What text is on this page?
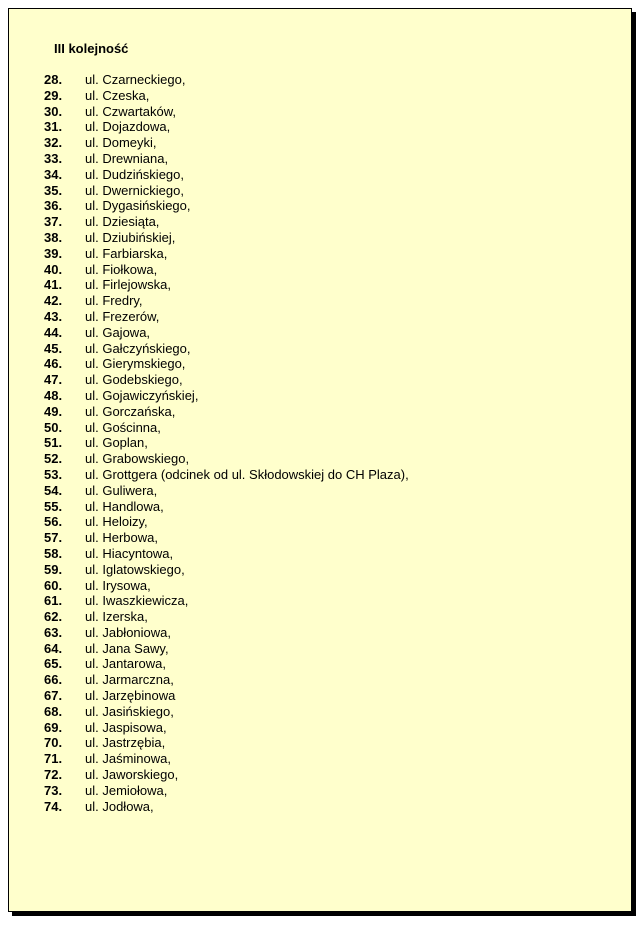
III kolejność
28.	ul. Czarneckiego,
29.	ul. Czeska,
30.	ul. Czwartaków,
31.	ul. Dojazdowa,
32.	ul. Domeyki,
33.	ul. Drewniana,
34.	ul. Dudzińskiego,
35.	ul. Dwernickiego,
36.	ul. Dygasińskiego,
37.	ul. Dziesiąta,
38.	ul. Dziubińskiej,
39.	ul. Farbiarska,
40.	ul. Fiołkowa,
41.	ul. Firlejowska,
42.	ul. Fredry,
43.	ul. Frezerów,
44.	ul. Gajowa,
45.	ul. Gałczyńskiego,
46.	ul. Gierymskiego,
47.	ul. Godebskiego,
48.	ul. Gojawiczyńskiej,
49.	ul. Gorczańska,
50.	ul. Gościnna,
51.	ul. Goplan,
52.	ul. Grabowskiego,
53.	ul. Grottgera (odcinek od ul. Skłodowskiej do CH Plaza),
54.	ul. Guliwera,
55.	ul. Handlowa,
56.	ul. Heloizy,
57.	ul. Herbowa,
58.	ul. Hiacyntowa,
59.	ul. Iglatowskiego,
60.	ul. Irysowa,
61.	ul. Iwaszkiewicza,
62.	ul. Izerska,
63.	ul. Jabłoniowa,
64.	ul. Jana Sawy,
65.	ul. Jantarowa,
66.	ul. Jarmarczna,
67.	ul. Jarzębinowa
68.	ul. Jasińskiego,
69.	ul. Jaspisowa,
70.	ul. Jastrzębia,
71.	ul. Jaśminowa,
72.	ul. Jaworskiego,
73.	ul. Jemiołowa,
74.	ul. Jodłowa,
